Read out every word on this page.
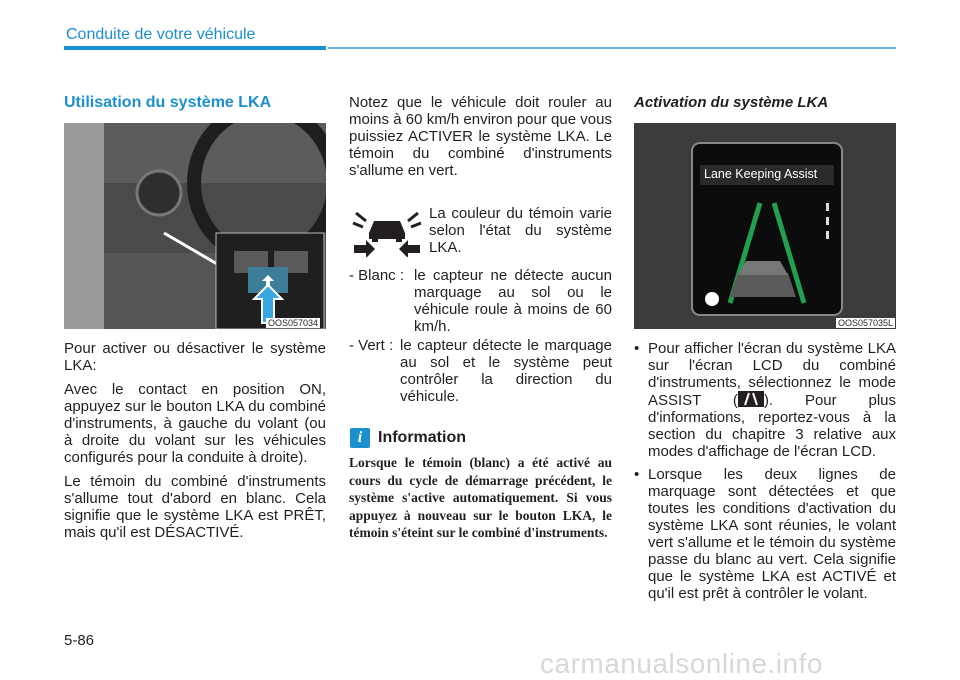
Conduite de votre véhicule
Utilisation du système LKA
OOS057034

Pour activer ou désactiver le système LKA:

Avec le contact en position ON, appuyez sur le bouton LKA du combiné d'instruments, à gauche du volant (ou à droite du volant sur les véhicules configurés pour la conduite à droite).

Le témoin du combiné d'instruments s'allume tout d'abord en blanc. Cela signifie que le système LKA est PRÊT, mais qu'il est DÉSACTIVÉ.

Notez que le véhicule doit rouler au moins à 60 km/h environ pour que vous puissiez ACTIVER le système LKA. Le témoin du combiné d'instruments s'allume en vert.

La couleur du témoin varie selon l'état du système LKA.

- Blanc : le capteur ne détecte aucun marquage au sol ou le véhicule roule à moins de 60 km/h.
- Vert : le capteur détecte le marquage au sol et le système peut contrôler la direction du véhicule.
i Information
Lorsque le témoin (blanc) a été activé au cours du cycle de démarrage précédent, le système s'active automatiquement. Si vous appuyez à nouveau sur le bouton LKA, le témoin s'éteint sur le combiné d'instruments.
Activation du système LKA
Lane Keeping Assist
OOS057035L
• Pour afficher l'écran du système LKA sur l'écran LCD du combiné d'instruments, sélectionnez le mode ASSIST ( ). Pour plus d'informations, reportez-vous à la section du chapitre 3 relative aux modes d'affichage de l'écran LCD.
• Lorsque les deux lignes de marquage sont détectées et que toutes les conditions d'activation du système LKA sont réunies, le volant vert s'allume et le témoin du système passe du blanc au vert. Cela signifie que le système LKA est ACTIVÉ et qu'il est prêt à contrôler le volant.
5-86
carmanualsonline.info
